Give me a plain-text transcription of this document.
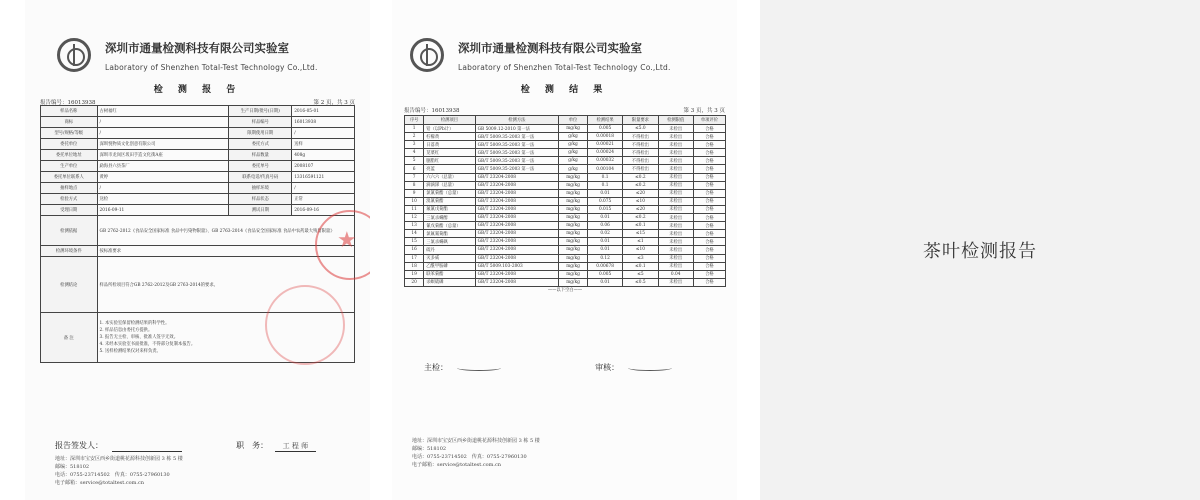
深圳市通量检测科技有限公司实验室
Laboratory of Shenzhen Total-Test Technology Co.,Ltd.
检 测 报 告
报告编号：16013938	第 2 页，共 3 页
样品名称	古树福红	生产日期/批号(日期)	2016-05-01
商标	/	样品编号	16013938
型号/规格/等级	/	限期使用日期	/
委托单位	深圳悦物质文化创意有限公司	委托方式	送样
委托单位地址	深圳市龙岗区坂田手造文化街A座	样品数量	408g
生产单位	勐海县六县茶厂	委托单号	2008107
委托单位联系人	黄婷	联系电话/传真号码	13316591121
抽样地点	/	抽样环境	/
检验方式	送检	样品状态	正常
受理日期	2016-09-11	测试日期	2016-09-16
检测依据	GB 2762-2012《食品安全国家标准 食品中污染物限量》、GB 2763-2014《食品安全国家标准 食品中农药最大残留限量》		
检测环境条件	按标准要求		
检测结论	样品所检项目符合GB 2762-2012及GB 2763-2014的要求。		
备 注	1. 本实验室保留检测结果的科学性。
2. 样品信息由委托方提供。
3. 报告无主检、审核、批准人签字无效。
4. 未经本实验室书面批准，不得部分复制本报告。
5. 送样检测结果仅对来样负责。		
★
报告签发人：	职　务： 工 程 师
地址：深圳市宝安区西乡街道桃花源科技创新园 3 栋 5 楼
邮编：518102
电话：0755-23714502　传真：0755-27960130
电子邮箱：service@totaltest.com.cn
深圳市通量检测科技有限公司实验室
Laboratory of Shenzhen Total-Test Technology Co.,Ltd.
检 测 结 果
报告编号：16013938	第 3 页，共 3 页
序号	检测项目	检测方法	单位	检测结果	限量要求	检测限值	单项评价
1	铅（以Pb计）	GB 5009.12-2010 第一法	mg/kg	0.005	≤5.0	未检出	合格
2	柠檬黄	GB/T 5009.35-2003 第一法	g/kg	0.00018	不得检出	未检出	合格
3	日落黄	GB/T 5009.35-2003 第一法	g/kg	0.00021	不得检出	未检出	合格
4	苋菜红	GB/T 5009.35-2003 第一法	g/kg	0.00024	不得检出	未检出	合格
5	胭脂红	GB/T 5009.35-2003 第一法	g/kg	0.00032	不得检出	未检出	合格
6	亮蓝	GB/T 5009.35-2003 第一法	g/kg	0.00104	不得检出	未检出	合格
7	六六六（总量）	GB/T 23204-2008	mg/kg	0.1	≤0.2	未检出	合格
8	滴滴涕（总量）	GB/T 23204-2008	mg/kg	0.1	≤0.2	未检出	合格
9	氯氰菊酯（总量）	GB/T 23204-2008	mg/kg	0.01	≤20	未检出	合格
10	溴氰菊酯	GB/T 23204-2008	mg/kg	0.075	≤10	未检出	合格
11	氟氰戊菊酯	GB/T 23204-2008	mg/kg	0.015	≤20	未检出	合格
12	三氯杀螨醇	GB/T 23204-2008	mg/kg	0.01	≤0.2	未检出	合格
13	氰戊菊酯（总量）	GB/T 23204-2008	mg/kg	0.06	≤0.1	未检出	合格
14	氯氟氰菊酯	GB/T 23204-2008	mg/kg	0.02	≤15	未检出	合格
15	三氯杀螨砜	GB/T 23204-2008	mg/kg	0.01	≤1	未检出	合格
16	硫丹	GB/T 23204-2008	mg/kg	0.01	≤10	未检出	合格
17	灭多威	GB/T 23204-2008	mg/kg	0.12	≤3	未检出	合格
18	乙酰甲胺磷	GB/T 5009.103-2003	mg/kg	0.00678	≤0.1	未检出	合格
19	联苯菊酯	GB/T 23204-2008	mg/kg	0.005	≤5	0.04	合格
20	杀螟硫磷	GB/T 23204-2008	mg/kg	0.01	≤0.5	未检出	合格
——以下空白——							
主检：	审核：
地址：深圳市宝安区西乡街道桃花源科技创新园 3 栋 5 楼
邮编：518102
电话：0755-23714502　传真：0755-27960130
电子邮箱：service@totaltest.com.cn
茶叶检测报告
